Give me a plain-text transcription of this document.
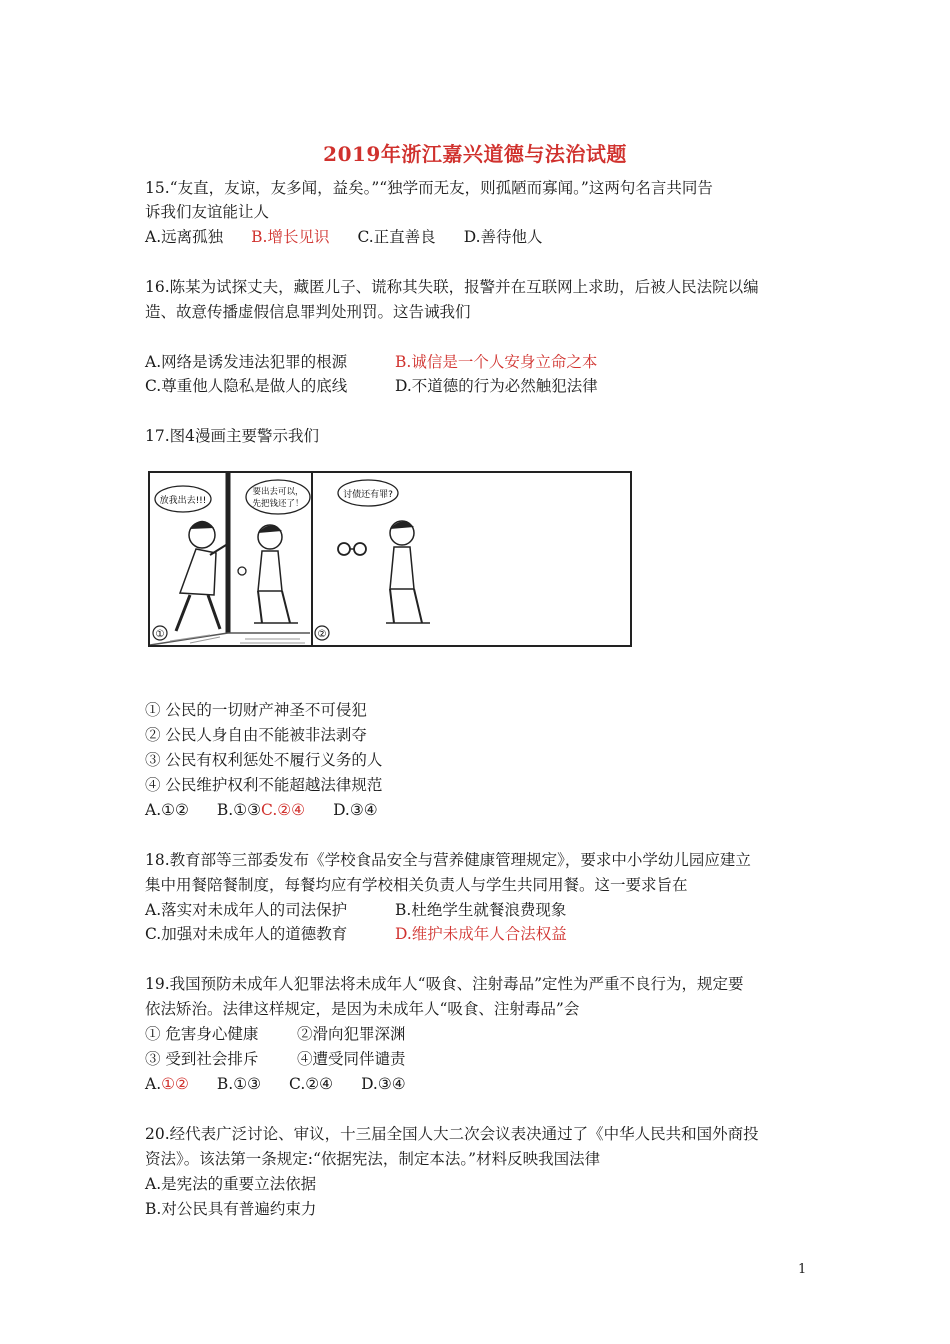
2019年浙江嘉兴道德与法治试题
15.“友直，友谅，友多闻，益矣。”“独学而无友，则孤陋而寡闻。”这两句名言共同告
诉我们友谊能让人
A.远离孤独 B.增长见识 C.正直善良 D.善待他人
16.陈某为试探丈夫，藏匿儿子、谎称其失联，报警并在互联网上求助，后被人民法院以编
造、故意传播虚假信息罪判处刑罚。这告诫我们
A.网络是诱发违法犯罪的根源	B.诚信是一个人安身立命之本
C.尊重他人隐私是做人的底线	D.不道德的行为必然触犯法律
17.图4漫画主要警示我们
放我出去!!!
要出去可以，
先把钱还了！
讨债还有罪?
①	②
① 公民的一切财产神圣不可侵犯
② 公民人身自由不能被非法剥夺
③ 公民有权利惩处不履行义务的人
④ 公民维护权利不能超越法律规范
A.①② B.①③C.②④ D.③④
18.教育部等三部委发布《学校食品安全与营养健康管理规定》，要求中小学幼儿园应建立
集中用餐陪餐制度，每餐均应有学校相关负责人与学生共同用餐。这一要求旨在
A.落实对未成年人的司法保护	B.杜绝学生就餐浪费现象
C.加强对未成年人的道德教育	D.维护未成年人合法权益
19.我国预防未成年人犯罪法将未成年人“吸食、注射毒品”定性为严重不良行为，规定要
依法矫治。法律这样规定，是因为未成年人“吸食、注射毒品”会
① 危害身心健康 ②滑向犯罪深渊
③ 受到社会排斥 ④遭受同伴谴责
A.①② B.①③ C.②④ D.③④
20.经代表广泛讨论、审议，十三届全国人大二次会议表决通过了《中华人民共和国外商投
资法》。该法第一条规定:“依据宪法，制定本法。”材料反映我国法律
A.是宪法的重要立法依据
B.对公民具有普遍约束力
1
